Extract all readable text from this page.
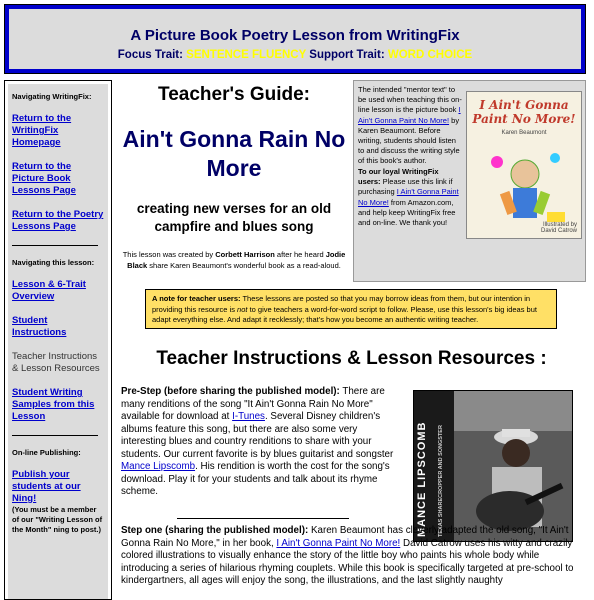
A Picture Book Poetry Lesson from WritingFix
Focus Trait: SENTENCE FLUENCY Support Trait: WORD CHOICE
Navigating WritingFix:
Return to the WritingFix Homepage
Return to the Picture Book Lessons Page
Return to the Poetry Lessons Page
Navigating this lesson:
Lesson & 6-Trait Overview
Student Instructions
Teacher Instructions & Lesson Resources
Student Writing Samples from this Lesson
On-line Publishing:
Publish your students at our Ning!
(You must be a member of our "Writing Lesson of the Month" ning to post.)
Teacher's Guide:
Ain't Gonna Rain No More
creating new verses for an old campfire and blues song
This lesson was created by Corbett Harrison after he heard Jodie Black share Karen Beaumont's wonderful book as a read-aloud.
The intended "mentor text" to be used when teaching this on-line lesson is the picture book I Ain't Gonna Paint No More! by Karen Beaumont. Before writing, students should listen to and discuss the writing style of this book's author.
To our loyal WritingFix users: Please use this link if purchasing I Ain't Gonna Paint No More! from Amazon.com, and help keep WritingFix free and on-line. We thank you!
I Ain't Gonna Paint No More!
Karen Beaumont
Illustrated by
David Catrow
A note for teacher users: These lessons are posted so that you may borrow ideas from them, but our intention in providing this resource is not to give teachers a word-for-word script to follow. Please, use this lesson's big ideas but adapt everything else. And adapt it recklessly; that's how you become an authentic writing teacher.
Teacher Instructions & Lesson Resources :
Pre-Step (before sharing the published model): There are many renditions of the song "It Ain't Gonna Rain No More" available for download at I-Tunes. Several Disney children's albums feature this song, but there are also some very interesting blues and country renditions to share with your students. Our current favorite is by blues guitarist and songster Mance Lipscomb. His rendition is worth the cost for the song's download. Play it for your students and talk about its rhyme scheme.	MANCE LIPSCOMB	TEXAS SHARECROPPER AND SONGSTER
Step one (sharing the published model): Karen Beaumont has cleverly adapted the old song, "It Ain't Gonna Rain No More," in her book, I Ain't Gonna Paint No More! David Catrow uses his witty and crazily colored illustrations to visually enhance the story of the little boy who paints his whole body while introducing a series of hilarious rhyming couplets. While this book is specifically targeted at pre-school to kindergartners, all ages will enjoy the song, the illustrations, and the last slightly naughty
